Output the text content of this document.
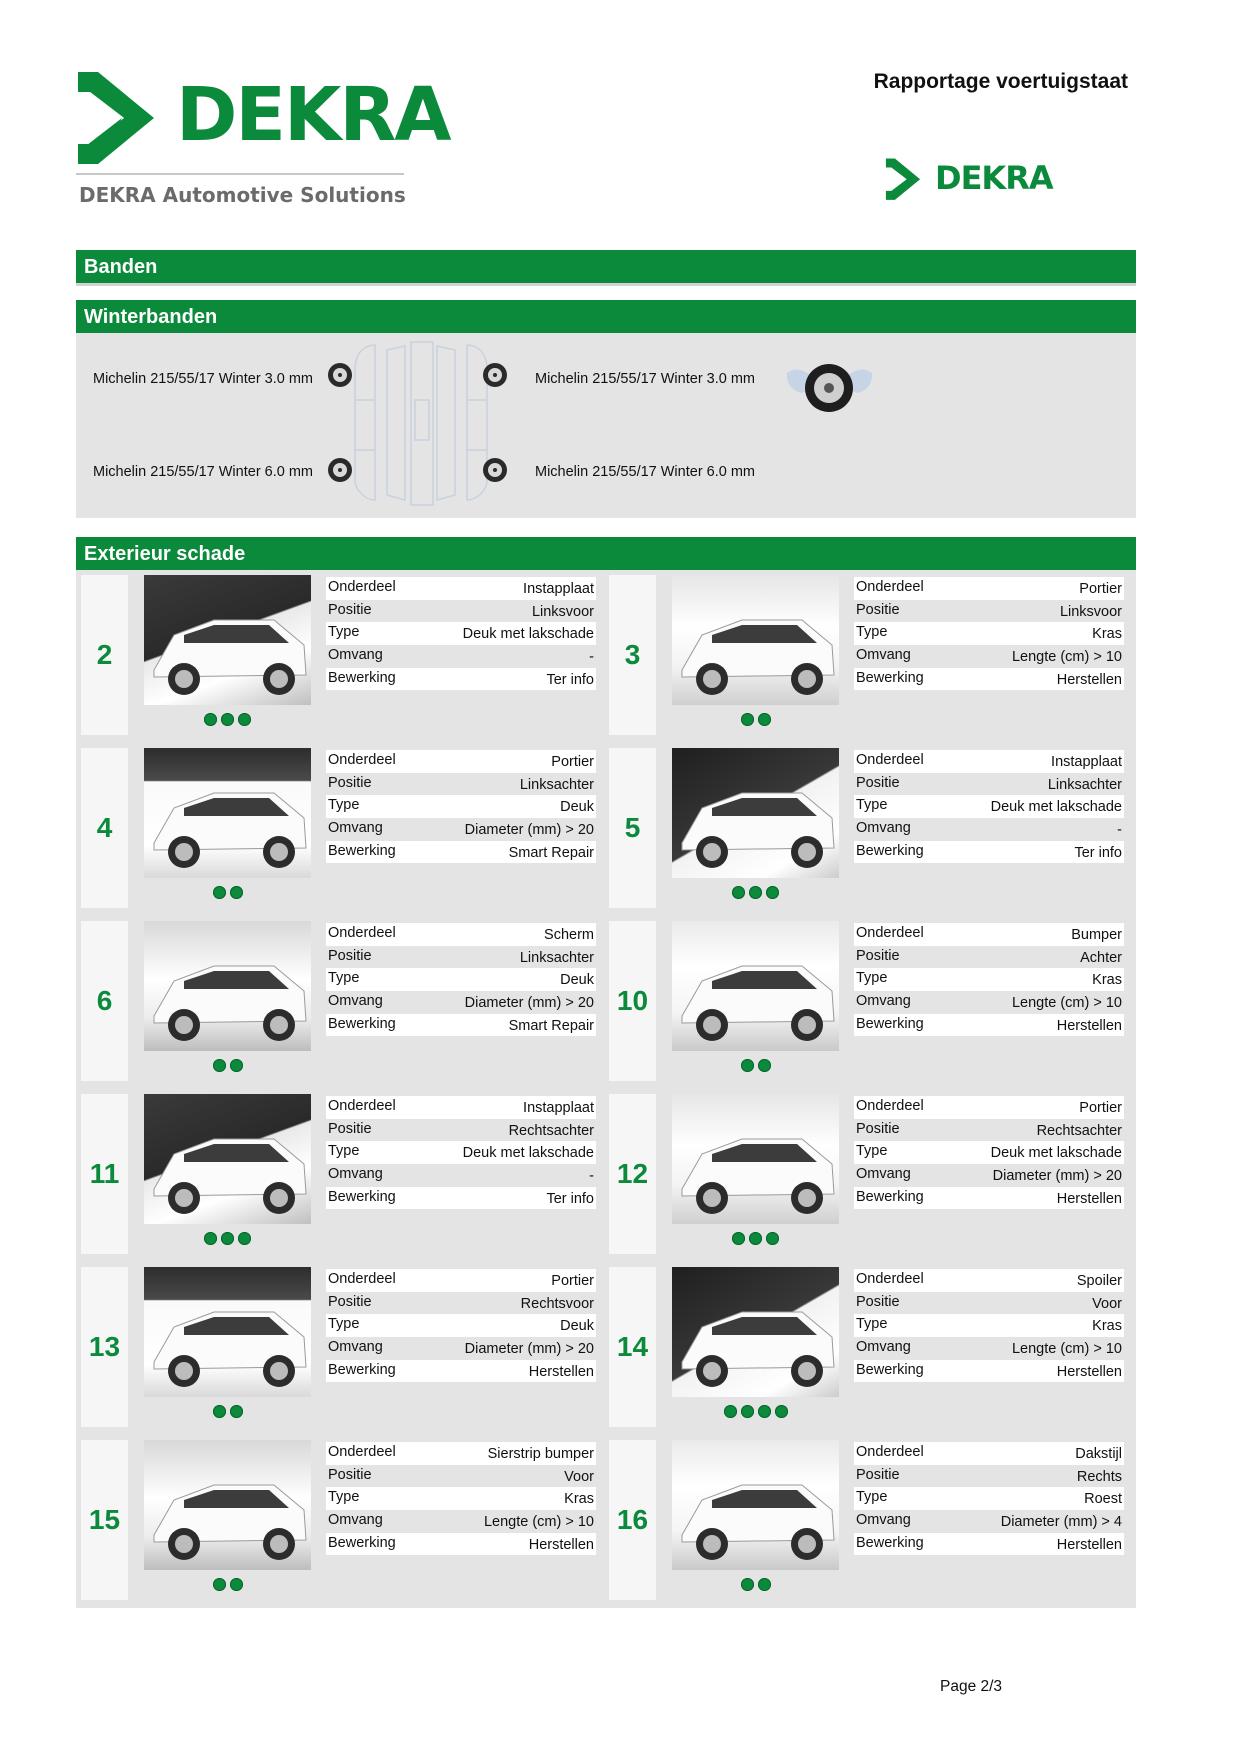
DEKRA
DEKRA Automotive Solutions
Rapportage voertuigstaat
DEKRA
Banden
Winterbanden
Michelin 215/55/17 Winter 3.0 mm	Michelin 215/55/17 Winter 3.0 mm
Michelin 215/55/17 Winter 6.0 mm	Michelin 215/55/17 Winter 6.0 mm
Exterieur schade
2
Onderdeel	Instapplaat
Positie	Linksvoor
Type	Deuk met lakschade
Omvang	-
Bewerking	Ter info
3
Onderdeel	Portier
Positie	Linksvoor
Type	Kras
Omvang	Lengte (cm) > 10
Bewerking	Herstellen
4
Onderdeel	Portier
Positie	Linksachter
Type	Deuk
Omvang	Diameter (mm) > 20
Bewerking	Smart Repair
5
Onderdeel	Instapplaat
Positie	Linksachter
Type	Deuk met lakschade
Omvang	-
Bewerking	Ter info
6
Onderdeel	Scherm
Positie	Linksachter
Type	Deuk
Omvang	Diameter (mm) > 20
Bewerking	Smart Repair
10
Onderdeel	Bumper
Positie	Achter
Type	Kras
Omvang	Lengte (cm) > 10
Bewerking	Herstellen
11
Onderdeel	Instapplaat
Positie	Rechtsachter
Type	Deuk met lakschade
Omvang	-
Bewerking	Ter info
12
Onderdeel	Portier
Positie	Rechtsachter
Type	Deuk met lakschade
Omvang	Diameter (mm) > 20
Bewerking	Herstellen
13
Onderdeel	Portier
Positie	Rechtsvoor
Type	Deuk
Omvang	Diameter (mm) > 20
Bewerking	Herstellen
14
Onderdeel	Spoiler
Positie	Voor
Type	Kras
Omvang	Lengte (cm) > 10
Bewerking	Herstellen
15
Onderdeel	Sierstrip bumper
Positie	Voor
Type	Kras
Omvang	Lengte (cm) > 10
Bewerking	Herstellen
16
Onderdeel	Dakstijl
Positie	Rechts
Type	Roest
Omvang	Diameter (mm) > 4
Bewerking	Herstellen
Page 2/3
